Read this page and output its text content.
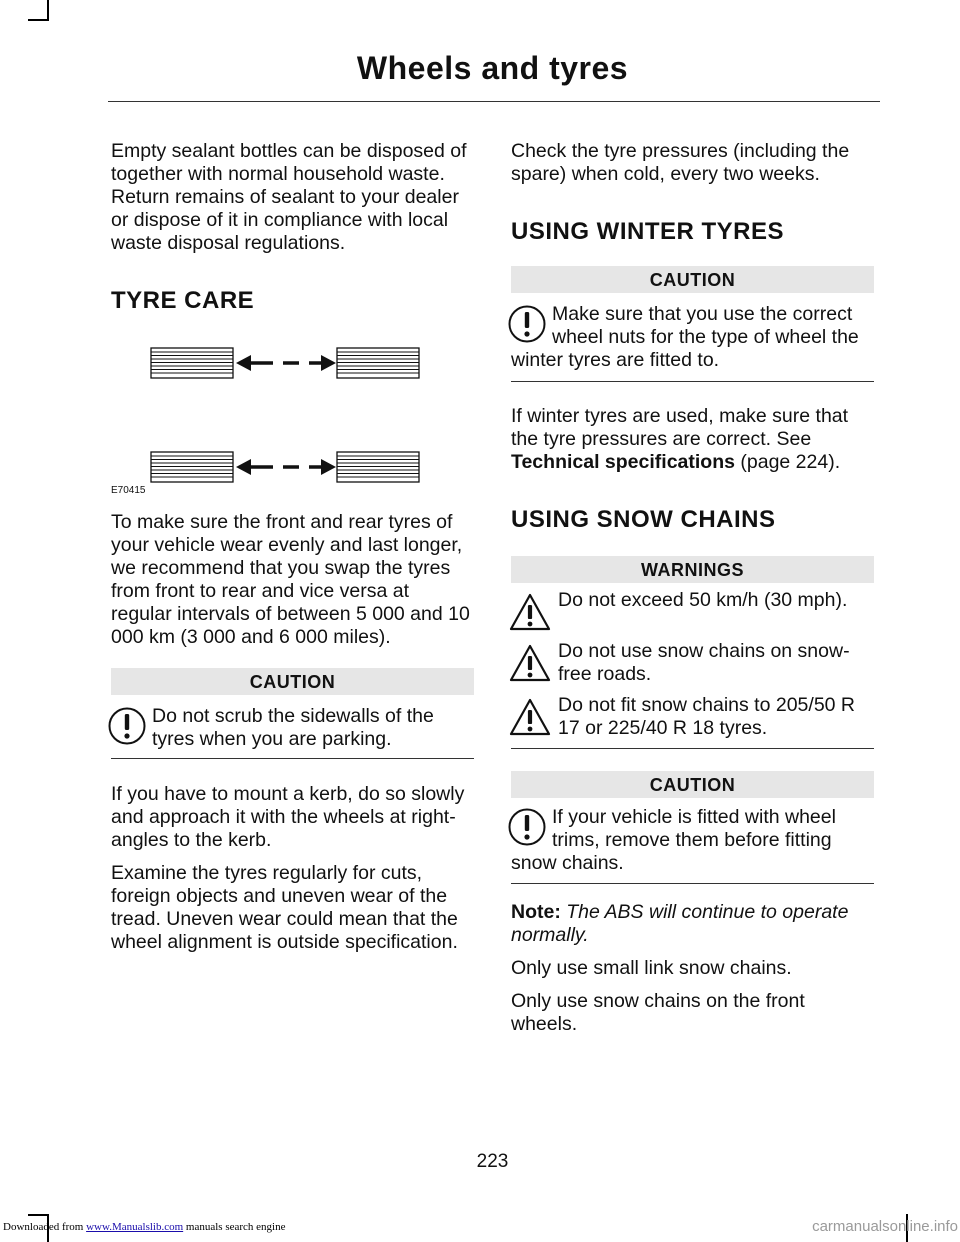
Wheels and tyres

Empty sealant bottles can be disposed of together with normal household waste. Return remains of sealant to your dealer or dispose of it in compliance with local waste disposal regulations.

TYRE CARE
E70415

To make sure the front and rear tyres of your vehicle wear evenly and last longer, we recommend that you swap the tyres from front to rear and vice versa at regular intervals of between 5 000 and 10 000 km (3 000 and 6 000 miles).

CAUTION
Do not scrub the sidewalls of the tyres when you are parking.

If you have to mount a kerb, do so slowly and approach it with the wheels at right-angles to the kerb.

Examine the tyres regularly for cuts, foreign objects and uneven wear of the tread. Uneven wear could mean that the wheel alignment is outside specification.

Check the tyre pressures (including the spare) when cold, every two weeks.

USING WINTER TYRES
CAUTION
Make sure that you use the correct wheel nuts for the type of wheel the winter tyres are fitted to.

If winter tyres are used, make sure that the tyre pressures are correct. See Technical specifications (page 224).

USING SNOW CHAINS
WARNINGS
Do not exceed 50 km/h (30 mph).
Do not use snow chains on snow-free roads.
Do not fit snow chains to 205/50 R 17 or 225/40 R 18 tyres.
CAUTION
If your vehicle is fitted with wheel trims, remove them before fitting snow chains.

Note: The ABS will continue to operate normally.

Only use small link snow chains.

Only use snow chains on the front wheels.

223
Downloaded from www.Manualslib.com manuals search engine	carmanualsonline.info
